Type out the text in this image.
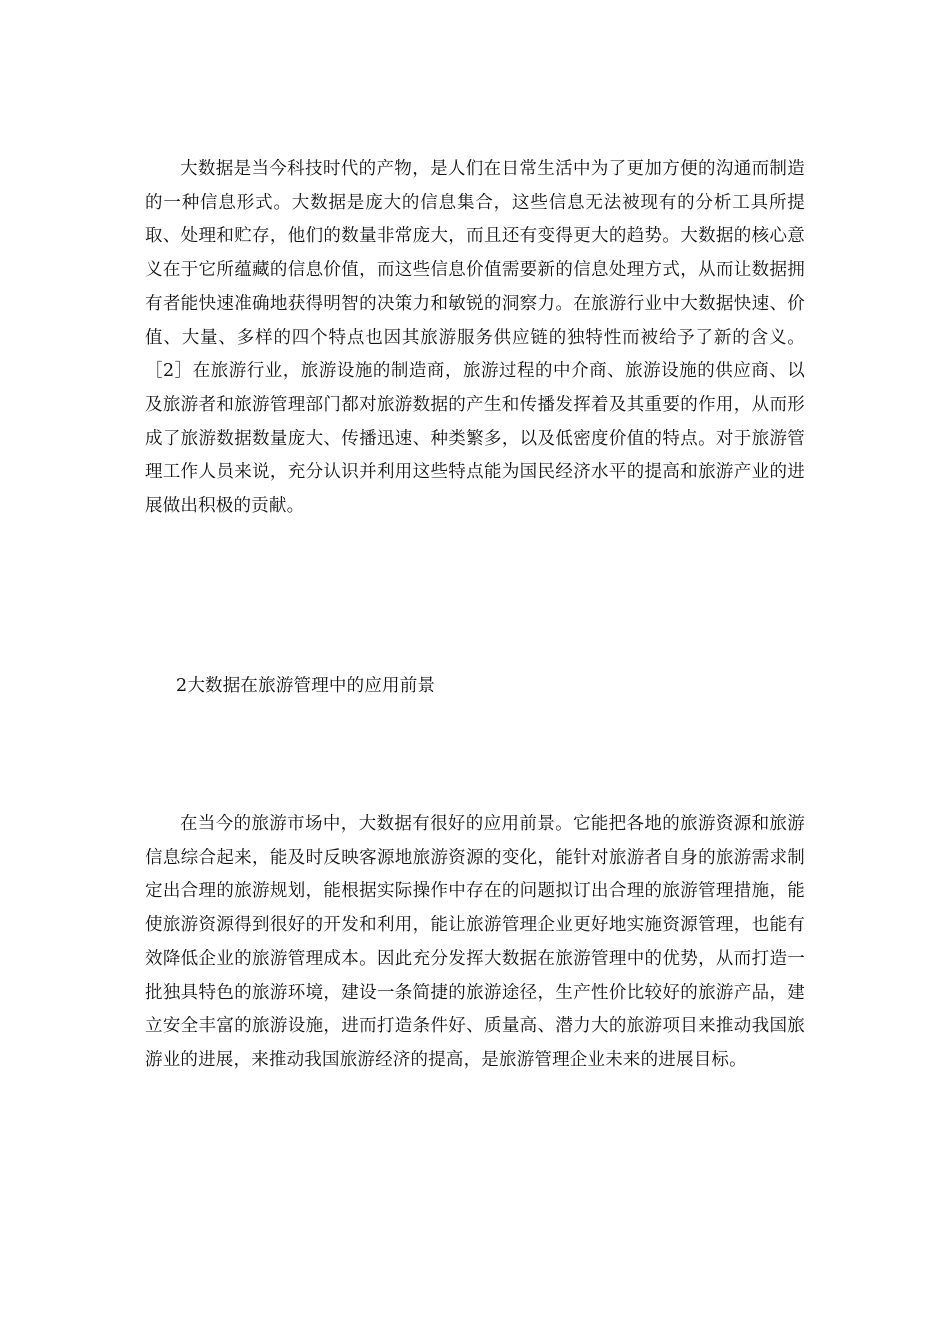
大数据是当今科技时代的产物，是人们在日常生活中为了更加方便的沟通而制造的一种信息形式。大数据是庞大的信息集合，这些信息无法被现有的分析工具所提取、处理和贮存，他们的数量非常庞大，而且还有变得更大的趋势。大数据的核心意义在于它所蕴藏的信息价值，而这些信息价值需要新的信息处理方式，从而让数据拥有者能快速准确地获得明智的决策力和敏锐的洞察力。在旅游行业中大数据快速、价值、大量、多样的四个特点也因其旅游服务供应链的独特性而被给予了新的含义。［2］在旅游行业，旅游设施的制造商，旅游过程的中介商、旅游设施的供应商、以及旅游者和旅游管理部门都对旅游数据的产生和传播发挥着及其重要的作用，从而形成了旅游数据数量庞大、传播迅速、种类繁多，以及低密度价值的特点。对于旅游管理工作人员来说，充分认识并利用这些特点能为国民经济水平的提高和旅游产业的进展做出积极的贡献。

2大数据在旅游管理中的应用前景

在当今的旅游市场中，大数据有很好的应用前景。它能把各地的旅游资源和旅游信息综合起来，能及时反映客源地旅游资源的变化，能针对旅游者自身的旅游需求制定出合理的旅游规划，能根据实际操作中存在的问题拟订出合理的旅游管理措施，能使旅游资源得到很好的开发和利用，能让旅游管理企业更好地实施资源管理，也能有效降低企业的旅游管理成本。因此充分发挥大数据在旅游管理中的优势，从而打造一批独具特色的旅游环境，建设一条简捷的旅游途径，生产性价比较好的旅游产品，建立安全丰富的旅游设施，进而打造条件好、质量高、潜力大的旅游项目来推动我国旅游业的进展，来推动我国旅游经济的提高，是旅游管理企业未来的进展目标。
